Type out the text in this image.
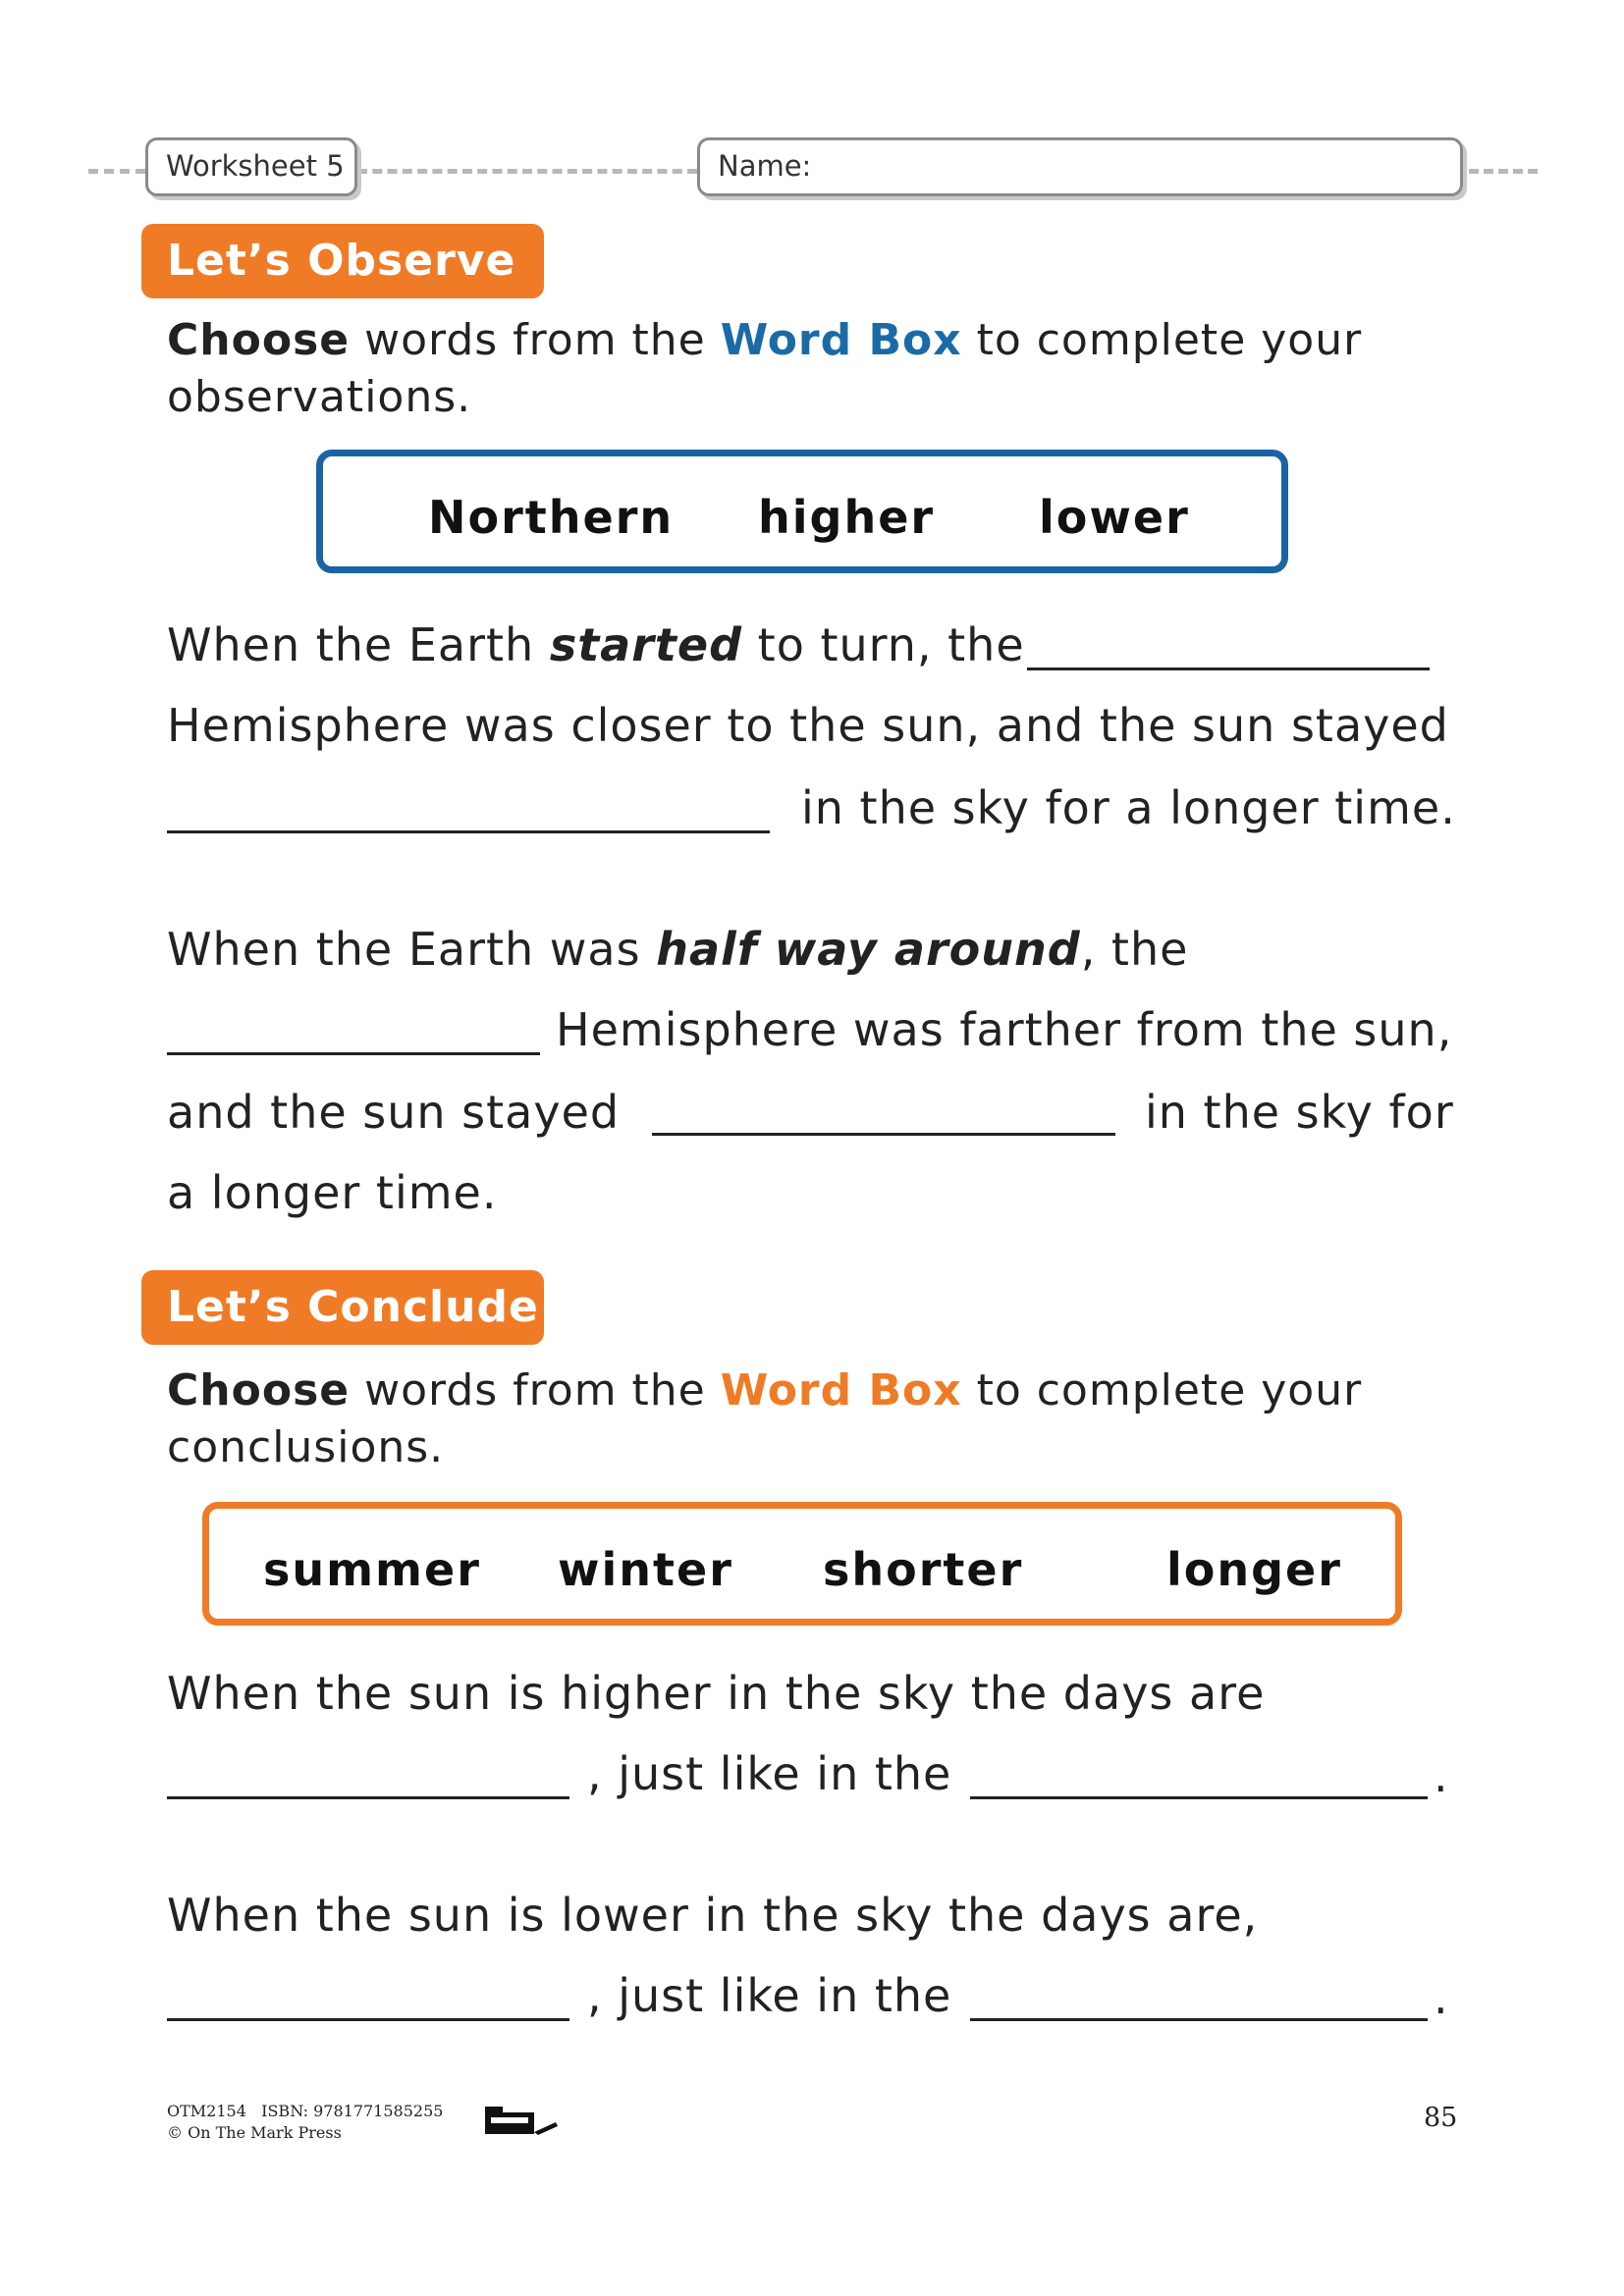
Worksheet 5	Name:
Let’s Observe
Choose words from the Word Box to complete your observations.
Northern higher lower
When the Earth started to turn, the
Hemisphere was closer to the sun, and the sun stayed
in the sky for a longer time.
When the Earth was half way around, the
Hemisphere was farther from the sun,
and the sun stayed	in the sky for
a longer time.
Let’s Conclude
Choose words from the Word Box to complete your conclusions.
summer winter shorter	longer
When the sun is higher in the sky the days are
, just like in the	.
When the sun is lower in the sky the days are,
, just like in the	.
OTM2154   ISBN: 9781771585255
© On The Mark Press	85
